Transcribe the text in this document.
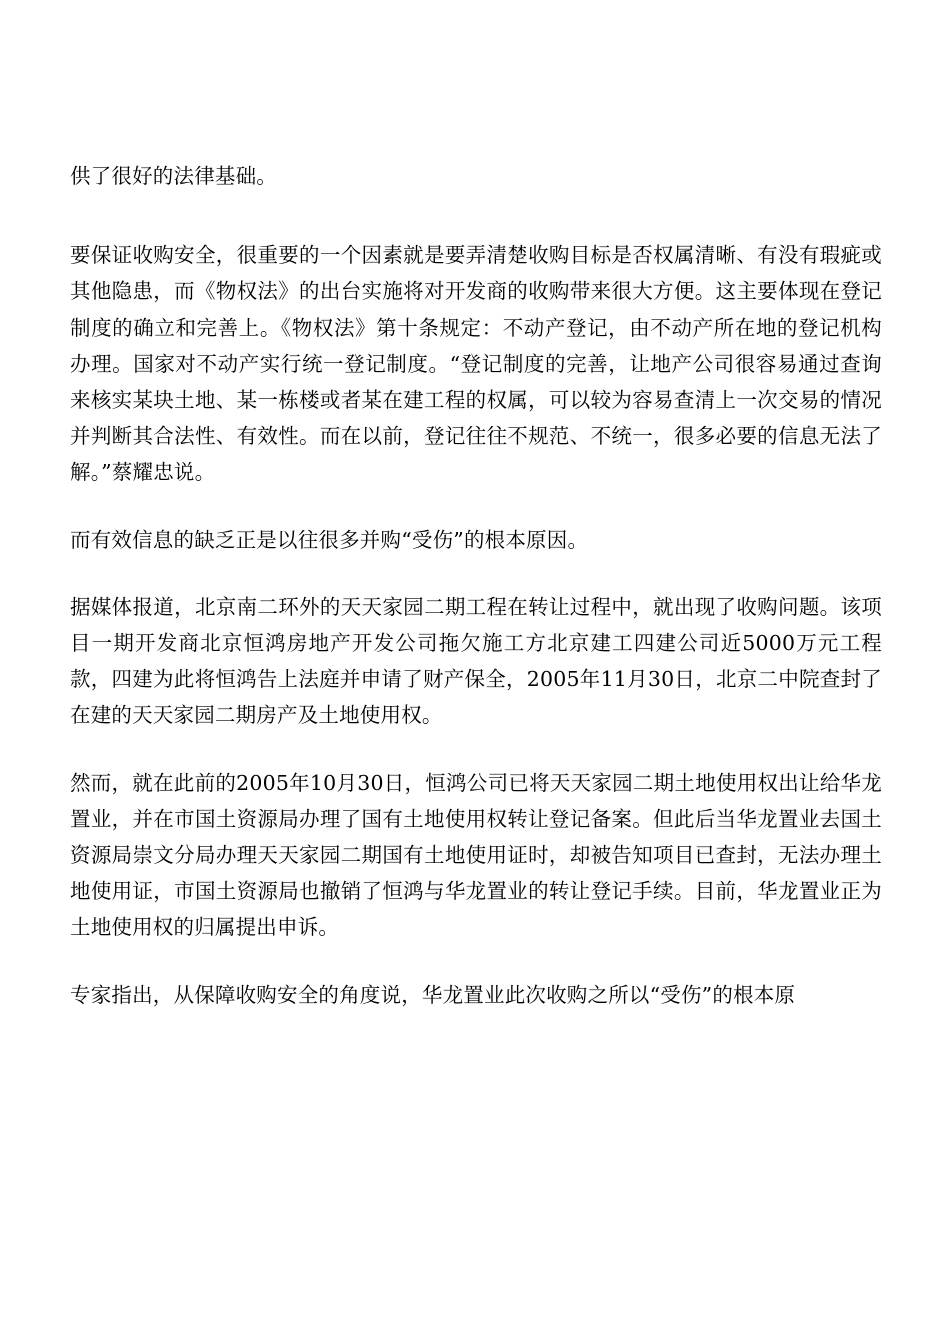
供了很好的法律基础。

要保证收购安全，很重要的一个因素就是要弄清楚收购目标是否权属清晰、有没有瑕疵或其他隐患，而《物权法》的出台实施将对开发商的收购带来很大方便。这主要体现在登记制度的确立和完善上。《物权法》第十条规定：不动产登记，由不动产所在地的登记机构办理。国家对不动产实行统一登记制度。“登记制度的完善，让地产公司很容易通过查询来核实某块土地、某一栋楼或者某在建工程的权属，可以较为容易查清上一次交易的情况并判断其合法性、有效性。而在以前，登记往往不规范、不统一，很多必要的信息无法了解。”蔡耀忠说。

而有效信息的缺乏正是以往很多并购“受伤”的根本原因。

据媒体报道，北京南二环外的天天家园二期工程在转让过程中，就出现了收购问题。该项目一期开发商北京恒鸿房地产开发公司拖欠施工方北京建工四建公司近5000万元工程款，四建为此将恒鸿告上法庭并申请了财产保全，2005年11月30日，北京二中院查封了在建的天天家园二期房产及土地使用权。

然而，就在此前的2005年10月30日，恒鸿公司已将天天家园二期土地使用权出让给华龙置业，并在市国土资源局办理了国有土地使用权转让登记备案。但此后当华龙置业去国土资源局崇文分局办理天天家园二期国有土地使用证时，却被告知项目已查封，无法办理土地使用证，市国土资源局也撤销了恒鸿与华龙置业的转让登记手续。目前，华龙置业正为土地使用权的归属提出申诉。

专家指出，从保障收购安全的角度说，华龙置业此次收购之所以“受伤”的根本原
